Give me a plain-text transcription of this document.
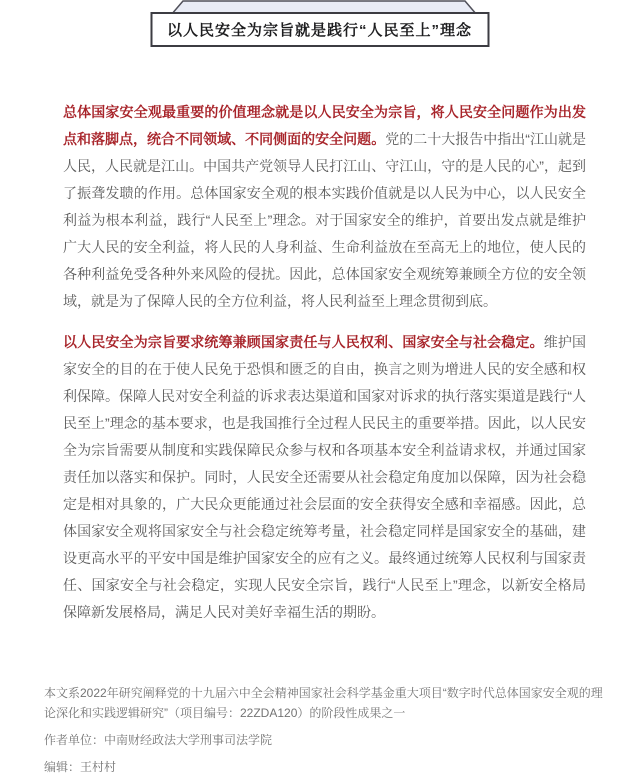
以人民安全为宗旨就是践行“人民至上”理念

总体国家安全观最重要的价值理念就是以人民安全为宗旨，将人民安全问题作为出发点和落脚点，统合不同领域、不同侧面的安全问题。党的二十大报告中指出“江山就是人民，人民就是江山。中国共产党领导人民打江山、守江山，守的是人民的心”，起到了振聋发聩的作用。总体国家安全观的根本实践价值就是以人民为中心，以人民安全利益为根本利益，践行“人民至上”理念。对于国家安全的维护，首要出发点就是维护广大人民的安全利益，将人民的人身利益、生命利益放在至高无上的地位，使人民的各种利益免受各种外来风险的侵扰。因此，总体国家安全观统筹兼顾全方位的安全领域，就是为了保障人民的全方位利益，将人民利益至上理念贯彻到底。

以人民安全为宗旨要求统筹兼顾国家责任与人民权利、国家安全与社会稳定。维护国家安全的目的在于使人民免于恐惧和匮乏的自由，换言之则为增进人民的安全感和权利保障。保障人民对安全利益的诉求表达渠道和国家对诉求的执行落实渠道是践行“人民至上”理念的基本要求，也是我国推行全过程人民民主的重要举措。因此，以人民安全为宗旨需要从制度和实践保障民众参与权和各项基本安全利益请求权，并通过国家责任加以落实和保护。同时，人民安全还需要从社会稳定角度加以保障，因为社会稳定是相对具象的，广大民众更能通过社会层面的安全获得安全感和幸福感。因此，总体国家安全观将国家安全与社会稳定统筹考量，社会稳定同样是国家安全的基础，建设更高水平的平安中国是维护国家安全的应有之义。最终通过统筹人民权利与国家责任、国家安全与社会稳定，实现人民安全宗旨，践行“人民至上”理念，以新安全格局保障新发展格局，满足人民对美好幸福生活的期盼。

本文系2022年研究阐释党的十九届六中全会精神国家社会科学基金重大项目“数字时代总体国家安全观的理论深化和实践逻辑研究”（项目编号：22ZDA120）的阶段性成果之一

作者单位：中南财经政法大学刑事司法学院

编辑：王村村
